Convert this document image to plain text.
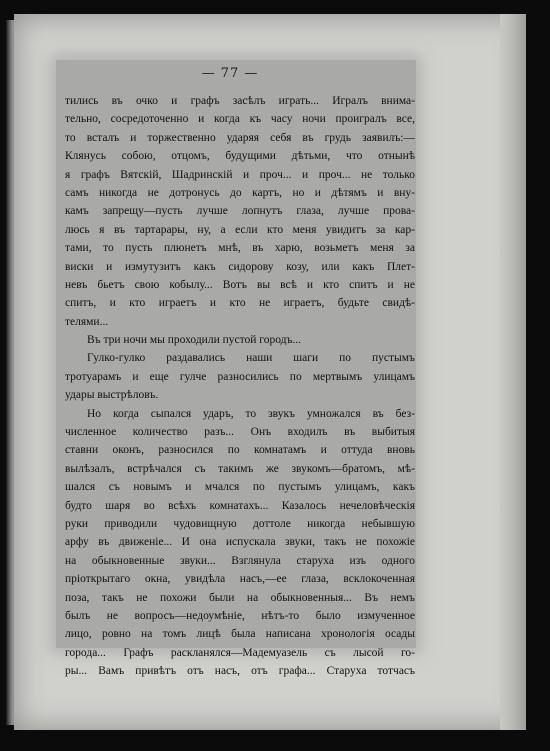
— 77 —
тились въ очко и графъ засѣлъ играть... Игралъ внима-
тельно, сосредоточенно и когда къ часу ночи проигралъ все,
то всталъ и торжественно ударяя себя въ грудь заявилъ:—
Клянусь собою, отцомъ, будущими дѣтьми, что отнынѣ
я графъ Вятскій, Шадринскій и проч... и проч... не только
самъ никогда не дотронусь до картъ, но и дѣтямъ и вну-
камъ запрещу—пусть лучше лопнутъ глаза, лучше прова-
люсь я въ тартарары, ну, а если кто меня увидитъ за кар-
тами, то пусть плюнетъ мнѣ, въ харю, возьметъ меня за
виски и измутузитъ какъ сидорову козу, или какъ Плет-
невъ бьетъ свою кобылу... Вотъ вы всѣ и кто спитъ и не
спитъ, и кто играетъ и кто не играетъ, будьте свидѣ-
телями...
Въ три ночи мы проходили пустой городъ...
Гулко-гулко раздавались наши шаги по пустымъ
тротуарамъ и еще гулче разносились по мертвымъ улицамъ
удары выстрѣловъ.
Но когда сыпался ударъ, то звукъ умножался въ без-
численное количество разъ... Онъ входилъ въ выбитыя
ставни оконъ, разносился по комнатамъ и оттуда вновь
вылѣзалъ, встрѣчался съ такимъ же звукомъ—братомъ, мѣ-
шался съ новымъ и мчался по пустымъ улицамъ, какъ
будто шаря во всѣхъ комнатахъ... Казалось нечеловѣческія
руки приводили чудовищную доттоле никогда небывшую
арфу въ движеніе... И она испускала звуки, такъ не похожіе
на обыкновенные звуки... Взглянула старуха изъ одного
пріоткрытаго окна, увидѣла насъ,—ее глаза, всклокоченная
поза, такъ не похожи были на обыкновенныя... Въ немъ
былъ не вопросъ—недоумѣніе, нѣтъ-то было измученное
лицо, ровно на томъ лицѣ была написана хронологія осады
города... Графъ раскланялся—Мадемуазель съ лысой го-
ры... Вамъ привѣтъ отъ насъ, отъ графа... Старуха тотчасъ
